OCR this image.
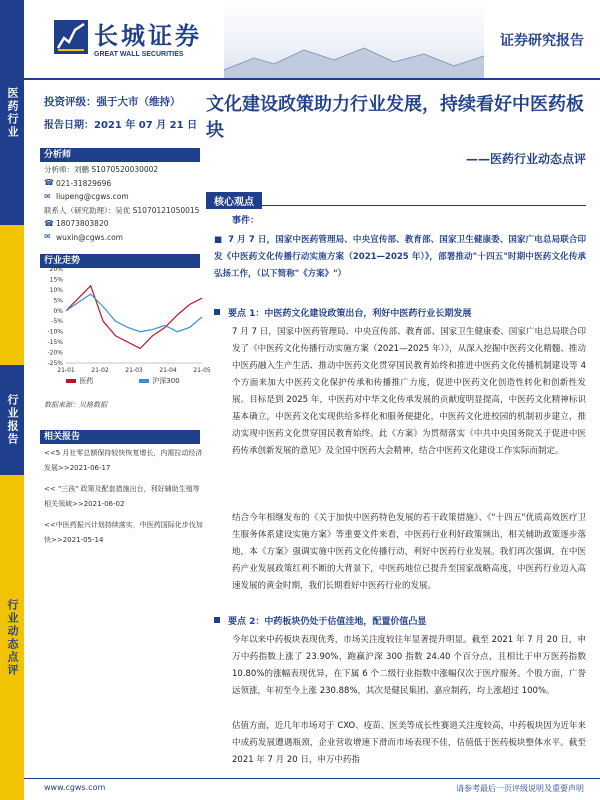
医药行业
行业报告
行业动态点评
长城证券
GREAT WALL SECURITIES
证券研究报告
投资评级：强于大市（维持）
报告日期：2021 年 07 月 21 日
文化建设政策助力行业发展，持续看好中医药板块
——医药行业动态点评
分析师
分析师：刘鹏 S1070520030002
☎ 021-31829696
✉ liupeng@cgws.com
联系人（研究助理）：吴优 S1070121050015
☎ 18073803820
✉ wuxin@cgws.com
行业走势
20%
15%
10%
5%
0%
-5%
-10%
-15%
-20%
-25%
21-01	21-02	21-03	21-04	21-05
医药	沪深300
数据来源：贝格数据
相关报告
<<5 月社零总额保持较快恢复增长，内需拉动经济发展>>2021-06-17
<< "三孩" 政策及配套措施出台，利好辅助生殖等相关领域>>2021-06-02
<<中医药振兴计划持续落实，中医药国际化步伐加快>>2021-05-14
核心观点
事件：
■ 7 月 7 日，国家中医药管理局、中央宣传部、教育部、国家卫生健康委、国家广电总局联合印发《中医药文化传播行动实施方案（2021—2025 年）》，部署推动"十四五"时期中医药文化传承弘扬工作，（以下简称"《方案》"）
要点 1：中医药文化建设政策出台，利好中医药行业长期发展
7 月 7 日，国家中医药管理局、中央宣传部、教育部、国家卫生健康委、国家广电总局联合印发了《中医药文化传播行动实施方案（2021—2025 年）》，从深入挖掘中医药文化精髓、推动中医药融入生产生活、推动中医药文化贯穿国民教育始终和推进中医药文化传播机制建设等 4 个方面来加大中医药文化保护传承和传播推广力度，促进中医药文化创造性转化和创新性发展。目标是到 2025 年，中医药对中华文化传承发展的贡献度明显提高，中医药文化精神标识基本确立，中医药文化实现供给多样化和服务便捷化，中医药文化进校园的机制初步建立，推动实现中医药文化贯穿国民教育始终。此《方案》为贯彻落实《中共中央国务院关于促进中医药传承创新发展的意见》及全国中医药大会精神，结合中医药文化建设工作实际而制定。
结合今年相继发布的《关于加快中医药特色发展的若干政策措施》、《"十四五"优质高效医疗卫生服务体系建设实施方案》等重要文件来看，中医药行业利好政策频出，相关辅助政策逐步落地，本《方案》强调实施中医药文化传播行动，利好中医药行业发展。我们再次强调，在中医药产业发展政策红利不断的大背景下，中医药地位已提升至国家战略高度，中医药行业迈入高速发展的黄金时期，我们长期看好中医药行业的发展。
要点 2：中药板块仍处于估值洼地，配置价值凸显
今年以来中药板块表现优秀，市场关注度较往年显著提升明显。截至 2021 年 7 月 20 日，申万中药指数上涨了 23.90%，跑赢沪深 300 指数 24.40 个百分点，且相比于申万医药指数 10.80%的涨幅表现优异，在下属 6 个二级行业指数中涨幅仅次于医疗服务。个股方面，广誉远领涨，年初至今上涨 230.88%，其次是健民集团、嘉应制药，均上涨超过 100%。
估值方面，近几年市场对于 CXO、疫苗、医美等成长性赛道关注度较高，中药板块因为近年来中成药发展遭遇瓶颈，企业营收增速下滑而市场表现不佳，估值低于医药板块整体水平。截至 2021 年 7 月 20 日，申万中药指
www.cgws.com	请参考最后一页评级说明及重要声明
